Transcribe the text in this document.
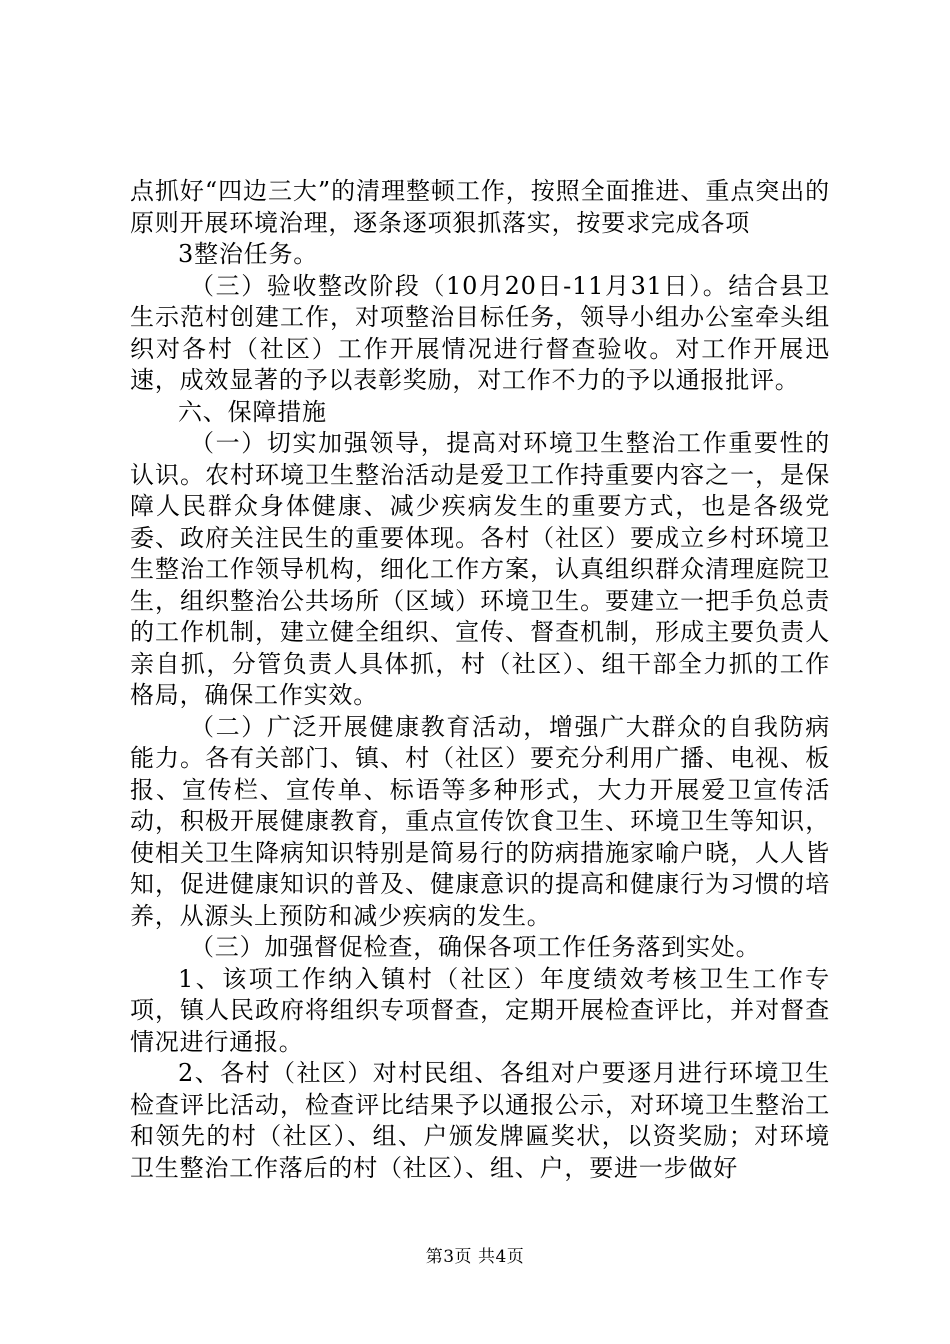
点抓好“四边三大”的清理整顿工作，按照全面推进、重点突出的原则开展环境治理，逐条逐项狠抓落实，按要求完成各项

3整治任务。

（三）验收整改阶段（10月20日-11月31日）。结合县卫生示范村创建工作，对项整治目标任务，领导小组办公室牵头组织对各村（社区）工作开展情况进行督查验收。对工作开展迅速，成效显著的予以表彰奖励，对工作不力的予以通报批评。

六、保障措施

（一）切实加强领导，提高对环境卫生整治工作重要性的认识。农村环境卫生整治活动是爱卫工作持重要内容之一，是保障人民群众身体健康、减少疾病发生的重要方式，也是各级党委、政府关注民生的重要体现。各村（社区）要成立乡村环境卫生整治工作领导机构，细化工作方案，认真组织群众清理庭院卫生，组织整治公共场所（区域）环境卫生。要建立一把手负总责的工作机制，建立健全组织、宣传、督查机制，形成主要负责人亲自抓，分管负责人具体抓，村（社区）、组干部全力抓的工作格局，确保工作实效。

（二）广泛开展健康教育活动，增强广大群众的自我防病能力。各有关部门、镇、村（社区）要充分利用广播、电视、板报、宣传栏、宣传单、标语等多种形式，大力开展爱卫宣传活动，积极开展健康教育，重点宣传饮食卫生、环境卫生等知识，使相关卫生降病知识特别是简易行的防病措施家喻户晓，人人皆知，促进健康知识的普及、健康意识的提高和健康行为习惯的培养，从源头上预防和减少疾病的发生。

（三）加强督促检查，确保各项工作任务落到实处。

1、该项工作纳入镇村（社区）年度绩效考核卫生工作专项，镇人民政府将组织专项督查，定期开展检查评比，并对督查情况进行通报。

2、各村（社区）对村民组、各组对户要逐月进行环境卫生检查评比活动，检查评比结果予以通报公示，对环境卫生整治工和领先的村（社区）、组、户颁发牌匾奖状，以资奖励；对环境卫生整治工作落后的村（社区）、组、户，要进一步做好

第3页 共4页
